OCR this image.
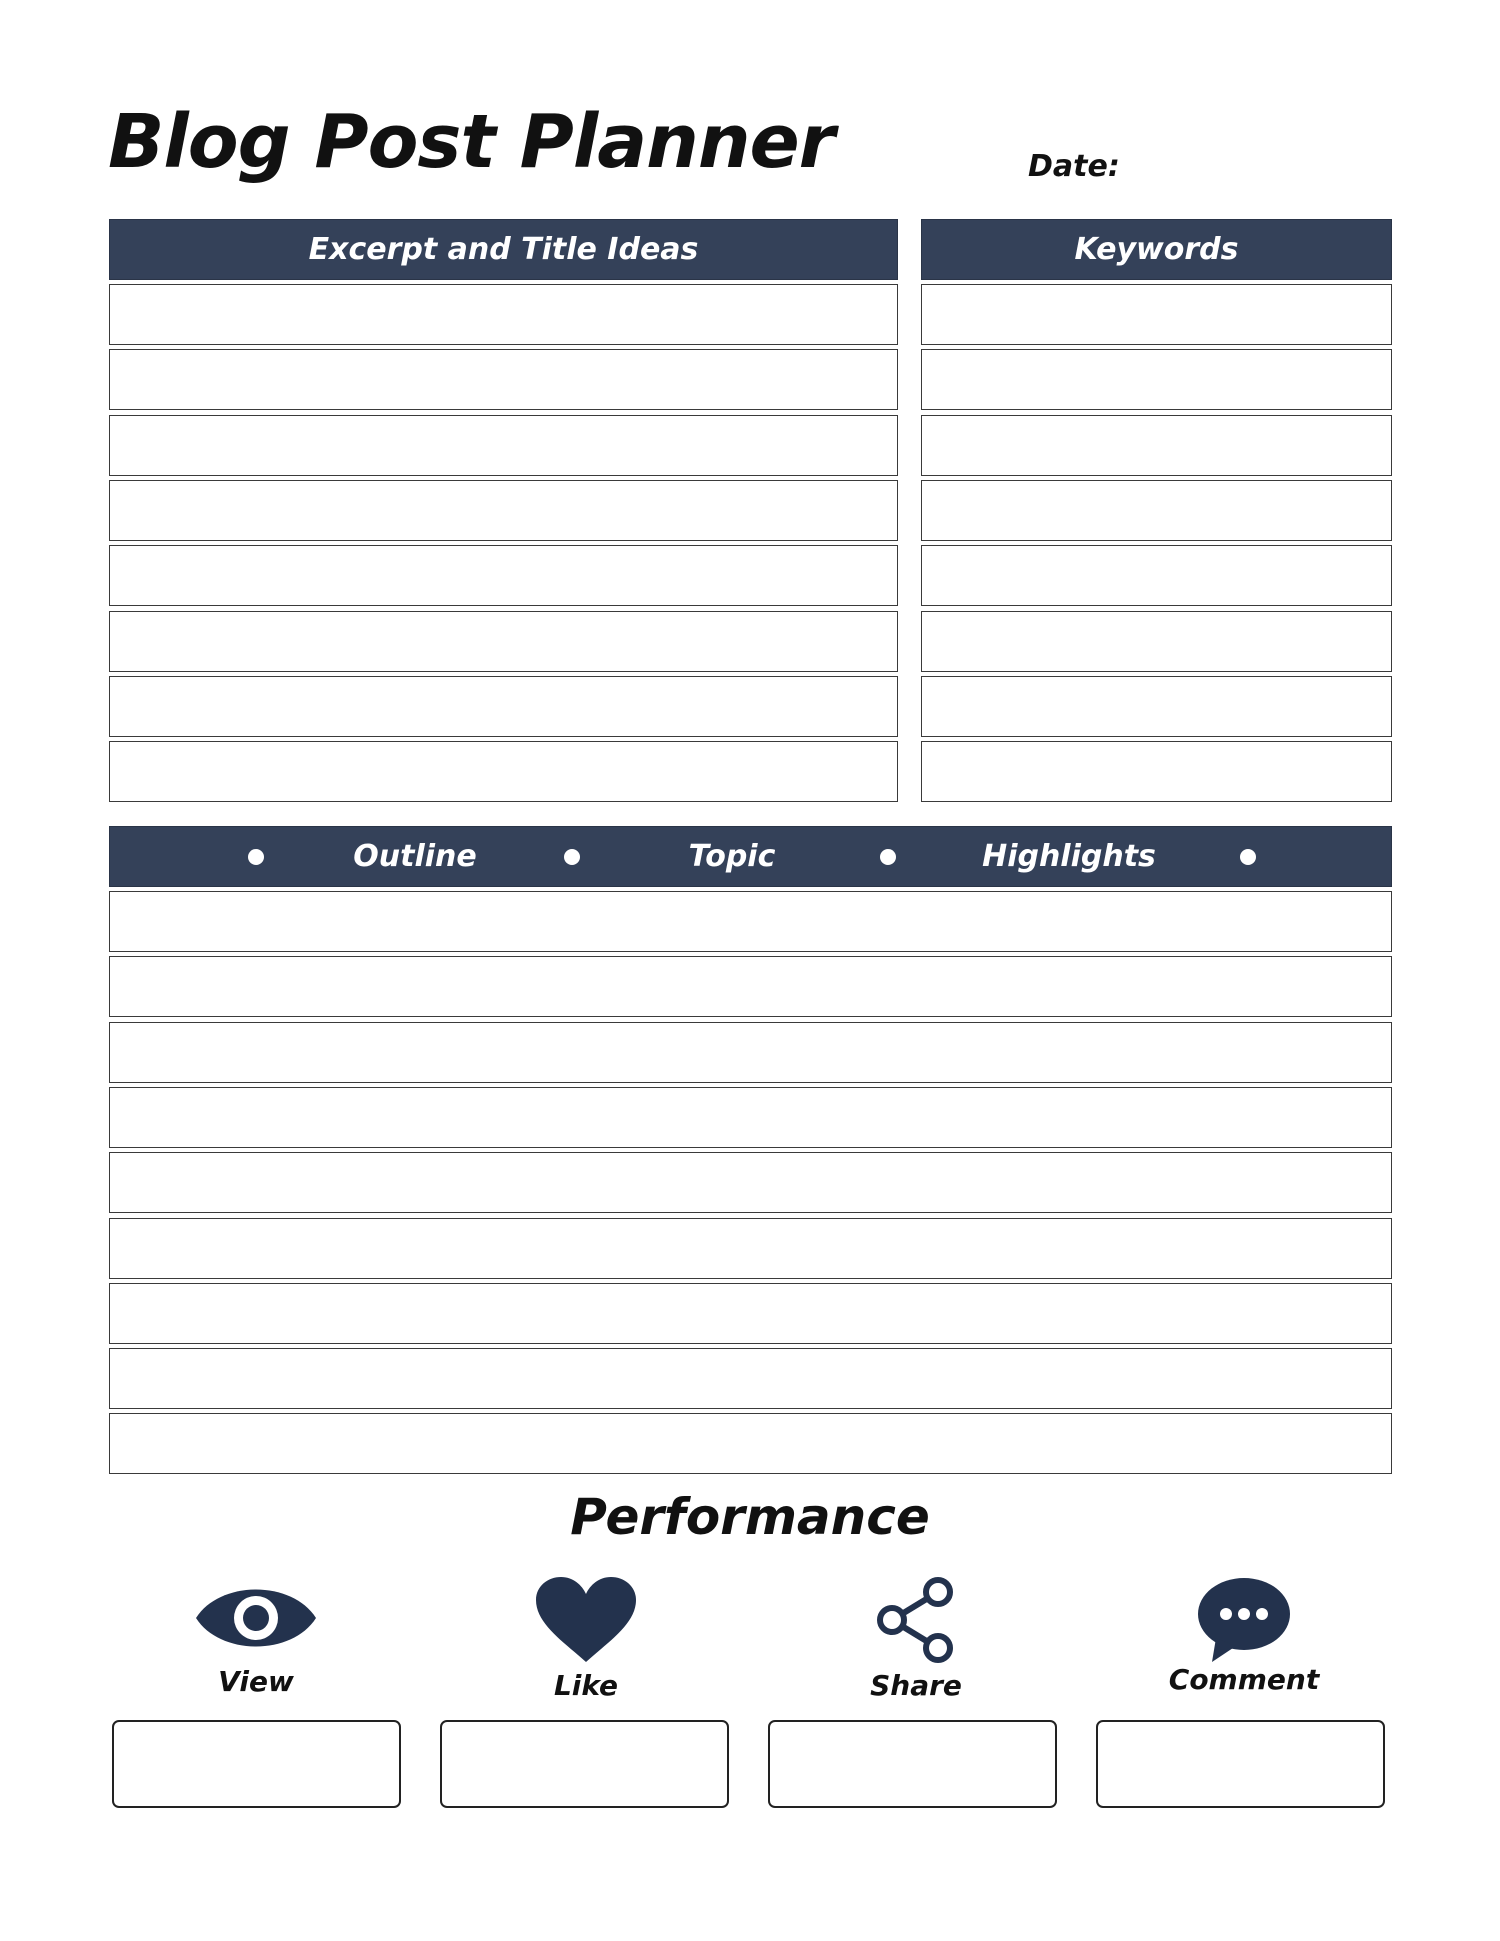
Blog Post Planner	Date:
Excerpt and Title Ideas	Keywords
Outline	Topic	Highlights
Performance
View	Like	Share	Comment
